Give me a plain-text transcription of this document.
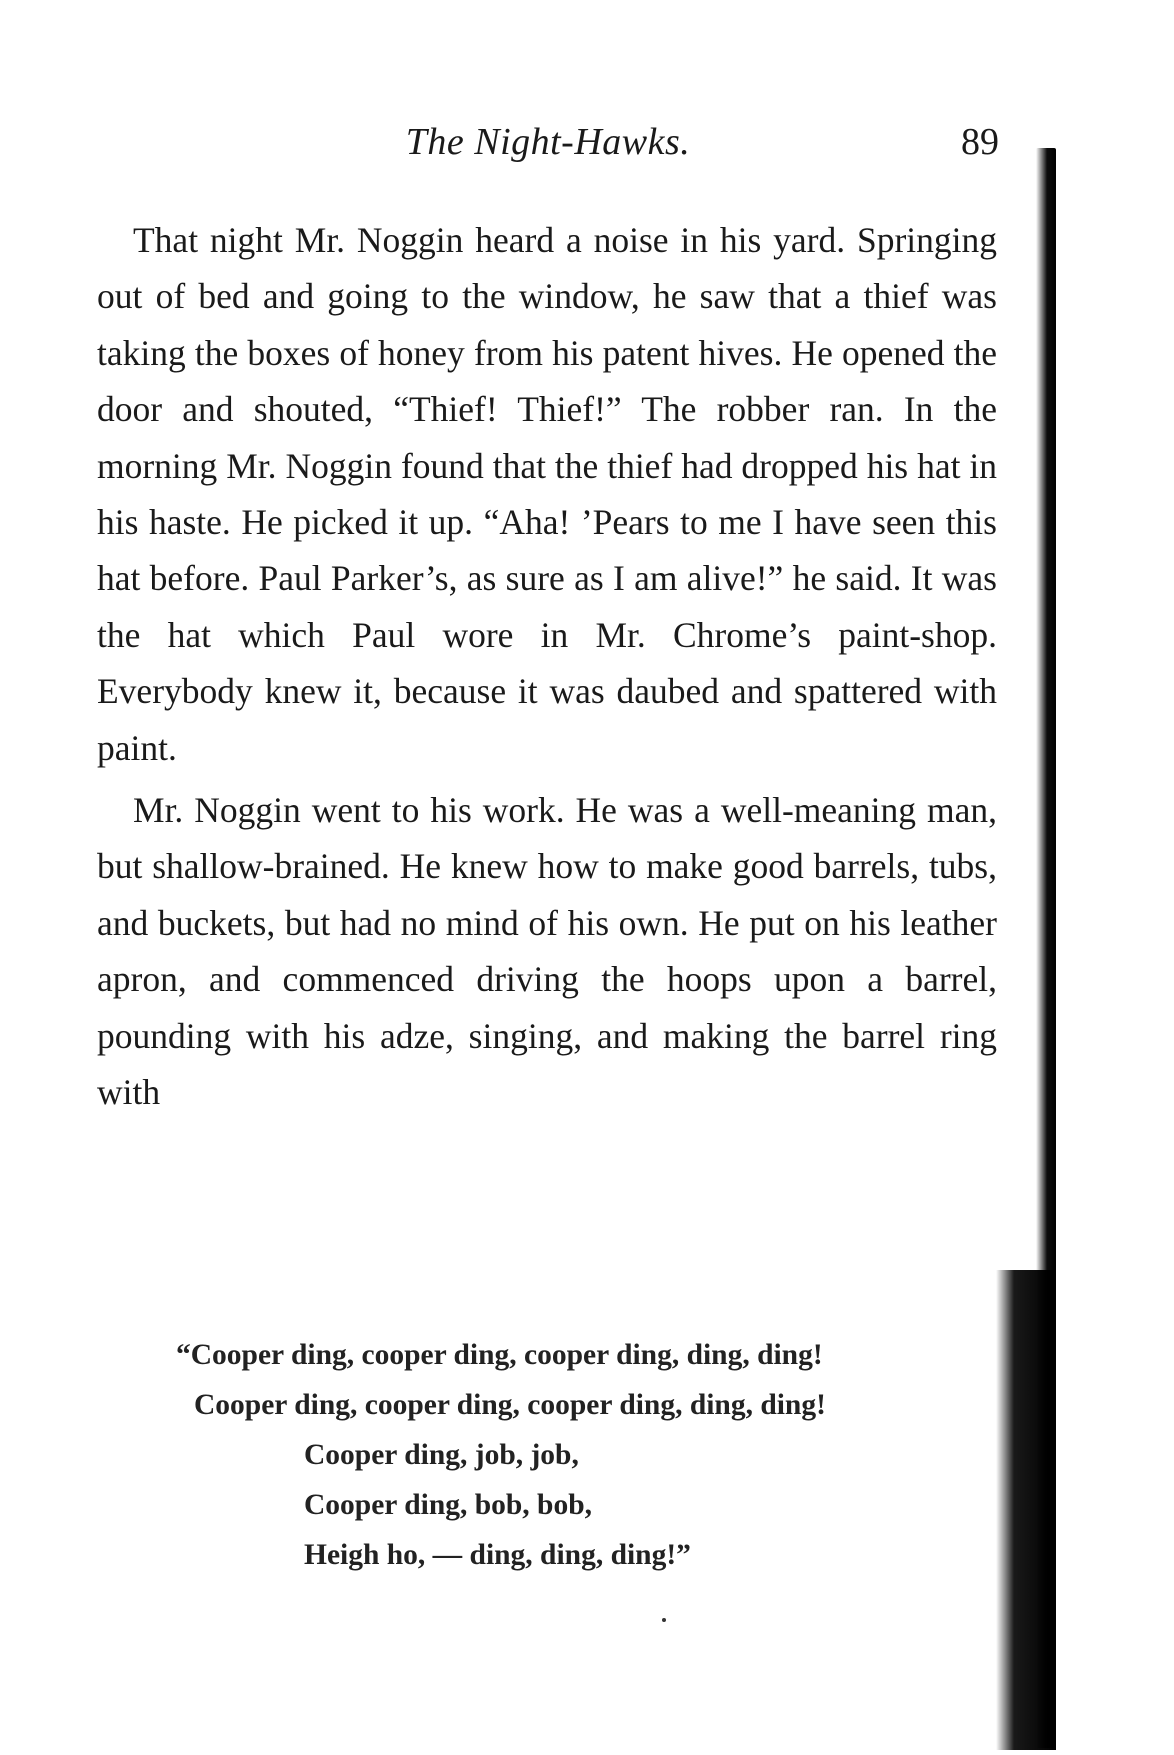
The Night-Hawks.	89

That night Mr. Noggin heard a noise in his yard. Springing out of bed and going to the window, he saw that a thief was taking the boxes of honey from his patent hives. He opened the door and shouted, “Thief! Thief!” The robber ran. In the morning Mr. Noggin found that the thief had dropped his hat in his haste. He picked it up. “Aha! ’Pears to me I have seen this hat before. Paul Parker’s, as sure as I am alive!” he said. It was the hat which Paul wore in Mr. Chrome’s paint-shop. Everybody knew it, because it was daubed and spattered with paint.

Mr. Noggin went to his work. He was a well-meaning man, but shallow-brained. He knew how to make good barrels, tubs, and buckets, but had no mind of his own. He put on his leather apron, and commenced driving the hoops upon a barrel, pounding with his adze, singing, and making the barrel ring with

“Cooper ding, cooper ding, cooper ding, ding, ding!
Cooper ding, cooper ding, cooper ding, ding, ding!
Cooper ding, job, job,
Cooper ding, bob, bob,
Heigh ho, — ding, ding, ding!”
